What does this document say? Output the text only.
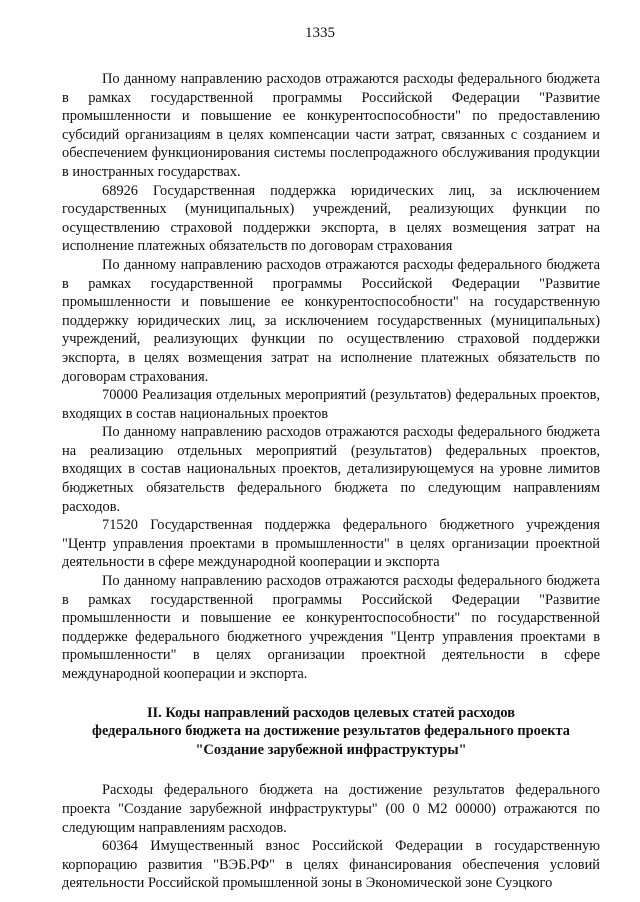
1335

По данному направлению расходов отражаются расходы федерального бюджета в рамках государственной программы Российской Федерации "Развитие промышленности и повышение ее конкурентоспособности" по предоставлению субсидий организациям в целях компенсации части затрат, связанных с созданием и обеспечением функционирования системы послепродажного обслуживания продукции в иностранных государствах.

68926 Государственная поддержка юридических лиц, за исключением государственных (муниципальных) учреждений, реализующих функции по осуществлению страховой поддержки экспорта, в целях возмещения затрат на исполнение платежных обязательств по договорам страхования

По данному направлению расходов отражаются расходы федерального бюджета в рамках государственной программы Российской Федерации "Развитие промышленности и повышение ее конкурентоспособности" на государственную поддержку юридических лиц, за исключением государственных (муниципальных) учреждений, реализующих функции по осуществлению страховой поддержки экспорта, в целях возмещения затрат на исполнение платежных обязательств по договорам страхования.

70000 Реализация отдельных мероприятий (результатов) федеральных проектов, входящих в состав национальных проектов

По данному направлению расходов отражаются расходы федерального бюджета на реализацию отдельных мероприятий (результатов) федеральных проектов, входящих в состав национальных проектов, детализирующемуся на уровне лимитов бюджетных обязательств федерального бюджета по следующим направлениям расходов.

71520 Государственная поддержка федерального бюджетного учреждения "Центр управления проектами в промышленности" в целях организации проектной деятельности в сфере международной кооперации и экспорта

По данному направлению расходов отражаются расходы федерального бюджета в рамках государственной программы Российской Федерации "Развитие промышленности и повышение ее конкурентоспособности" по государственной поддержке федерального бюджетного учреждения "Центр управления проектами в промышленности" в целях организации проектной деятельности в сфере международной кооперации и экспорта.

II. Коды направлений расходов целевых статей расходов
федерального бюджета на достижение результатов федерального проекта
"Создание зарубежной инфраструктуры"

Расходы федерального бюджета на достижение результатов федерального проекта "Создание зарубежной инфраструктуры" (00 0 М2 00000) отражаются по следующим направлениям расходов.

60364 Имущественный взнос Российской Федерации в государственную корпорацию развития "ВЭБ.РФ" в целях финансирования обеспечения условий деятельности Российской промышленной зоны в Экономической зоне Суэцкого
